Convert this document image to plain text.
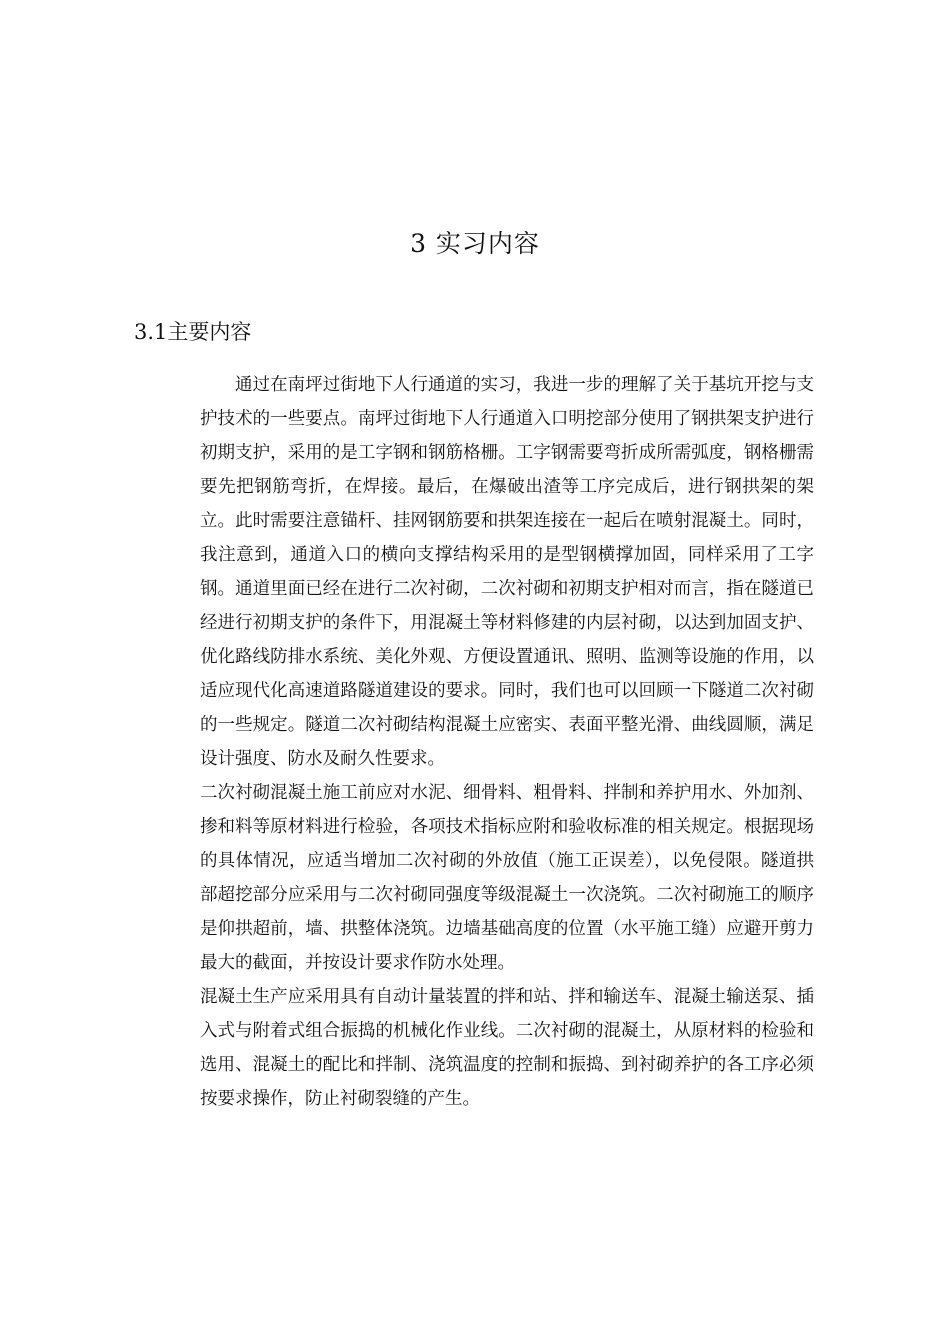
3 实习内容
3.1主要内容

通过在南坪过街地下人行通道的实习，我进一步的理解了关于基坑开挖与支护技术的一些要点。南坪过街地下人行通道入口明挖部分使用了钢拱架支护进行初期支护，采用的是工字钢和钢筋格栅。工字钢需要弯折成所需弧度，钢格栅需要先把钢筋弯折，在焊接。最后，在爆破出渣等工序完成后，进行钢拱架的架立。此时需要注意锚杆、挂网钢筋要和拱架连接在一起后在喷射混凝土。同时，我注意到，通道入口的横向支撑结构采用的是型钢横撑加固，同样采用了工字钢。通道里面已经在进行二次衬砌，二次衬砌和初期支护相对而言，指在隧道已经进行初期支护的条件下，用混凝土等材料修建的内层衬砌，以达到加固支护、优化路线防排水系统、美化外观、方便设置通讯、照明、监测等设施的作用，以适应现代化高速道路隧道建设的要求。同时，我们也可以回顾一下隧道二次衬砌的一些规定。隧道二次衬砌结构混凝土应密实、表面平整光滑、曲线圆顺，满足设计强度、防水及耐久性要求。

二次衬砌混凝土施工前应对水泥、细骨料、粗骨料、拌制和养护用水、外加剂、掺和料等原材料进行检验，各项技术指标应附和验收标准的相关规定。根据现场的具体情况，应适当增加二次衬砌的外放值（施工正误差），以免侵限。隧道拱部超挖部分应采用与二次衬砌同强度等级混凝土一次浇筑。二次衬砌施工的顺序是仰拱超前，墙、拱整体浇筑。边墙基础高度的位置（水平施工缝）应避开剪力最大的截面，并按设计要求作防水处理。

混凝土生产应采用具有自动计量装置的拌和站、拌和输送车、混凝土输送泵、插入式与附着式组合振捣的机械化作业线。二次衬砌的混凝土，从原材料的检验和选用、混凝土的配比和拌制、浇筑温度的控制和振捣、到衬砌养护的各工序必须按要求操作，防止衬砌裂缝的产生。
